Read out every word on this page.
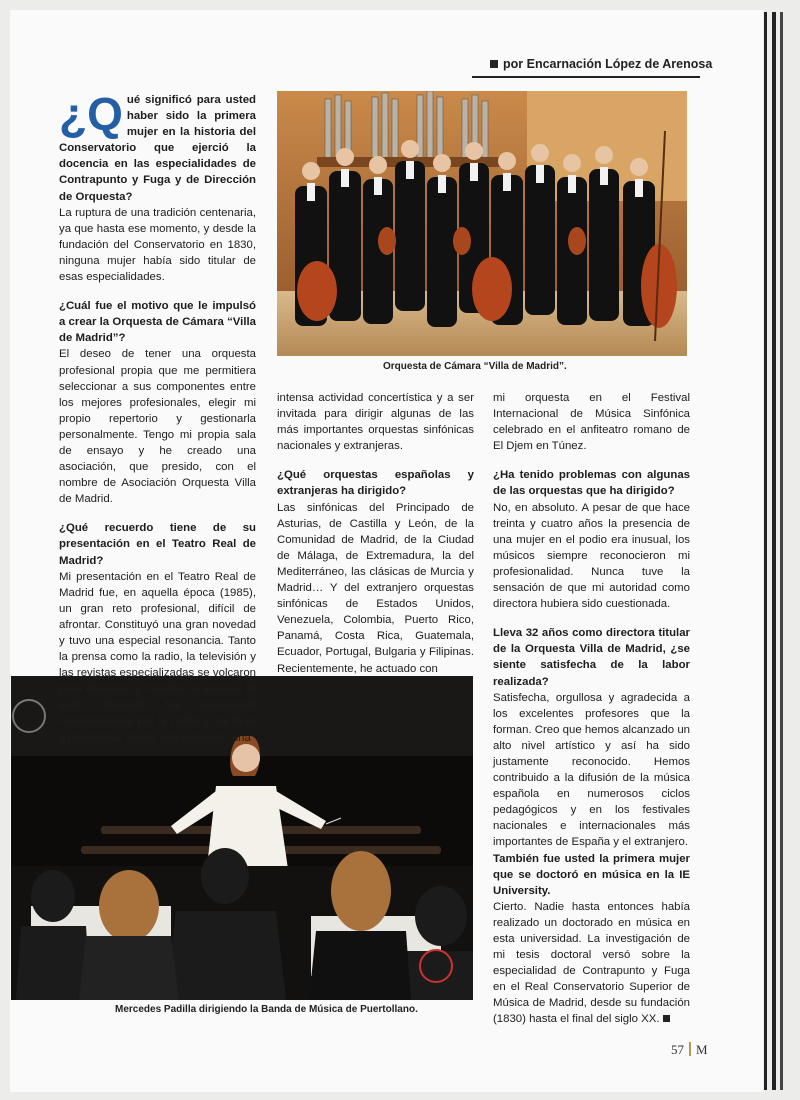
por Encarnación López de Arenosa
Orquesta de Cámara “Villa de Madrid”.
Mercedes Padilla dirigiendo la Banda de Música de Puertollano.

¿Q ué significó para usted haber sido la primera mujer en la historia del Conservatorio que ejerció la docencia en las especialidades de Contrapunto y Fuga y de Dirección de Orquesta?
La ruptura de una tradición centenaria, ya que hasta ese momento, y desde la fundación del Conservatorio en 1830, ninguna mujer había sido titular de esas especialidades.

¿Cuál fue el motivo que le impulsó a crear la Orquesta de Cámara “Villa de Madrid”?
El deseo de tener una orquesta profesional propia que me permitiera seleccionar a sus componentes entre los mejores profesionales, elegir mi propio repertorio y gestionarla personalmente. Tengo mi propia sala de ensayo y he creado una asociación, que presido, con el nombre de Asociación Orquesta Villa de Madrid.

¿Qué recuerdo tiene de su presentación en el Teatro Real de Madrid?
Mi presentación en el Teatro Real de Madrid fue, en aquella época (1985), un gran reto profesional, difícil de afrontar. Constituyó una gran novedad y tuvo una especial resonancia. Tanto la prensa como la radio, la televisión y las revistas especializadas se volcaron para destacar y reseñar el evento. El éxito obtenido fue reconocido unánimemente por la crítica y me llevó a desarrollar desde ese momento una

intensa actividad concertística y a ser invitada para dirigir algunas de las más importantes orquestas sinfónicas nacionales y extranjeras.

¿Qué orquestas españolas y extranjeras ha dirigido?
Las sinfónicas del Principado de Asturias, de Castilla y León, de la Comunidad de Madrid, de la Ciudad de Málaga, de Extremadura, la del Mediterráneo, las clásicas de Murcia y Madrid… Y del extranjero orquestas sinfónicas de Estados Unidos, Venezuela, Colombia, Puerto Rico, Panamá, Costa Rica, Guatemala, Ecuador, Portugal, Bulgaria y Filipinas. Recientemente, he actuado con

mi orquesta en el Festival Internacional de Música Sinfónica celebrado en el anfiteatro romano de El Djem en Túnez.

¿Ha tenido problemas con algunas de las orquestas que ha dirigido?
No, en absoluto. A pesar de que hace treinta y cuatro años la presencia de una mujer en el podio era inusual, los músicos siempre reconocieron mi profesionalidad. Nunca tuve la sensación de que mi autoridad como directora hubiera sido cuestionada.

Lleva 32 años como directora titular de la Orquesta Villa de Madrid, ¿se siente satisfecha de la labor realizada?
Satisfecha, orgullosa y agradecida a los excelentes profesores que la forman. Creo que hemos alcanzado un alto nivel artístico y así ha sido justamente reconocido. Hemos contribuido a la difusión de la música española en numerosos ciclos pedagógicos y en los festivales nacionales e internacionales más importantes de España y el extranjero.

También fue usted la primera mujer que se doctoró en música en la IE University.
Cierto. Nadie hasta entonces había realizado un doctorado en música en esta universidad. La investigación de mi tesis doctoral versó sobre la especialidad de Contrapunto y Fuga en el Real Conservatorio Superior de Música de Madrid, desde su fundación (1830) hasta el final del siglo XX.

57 M
